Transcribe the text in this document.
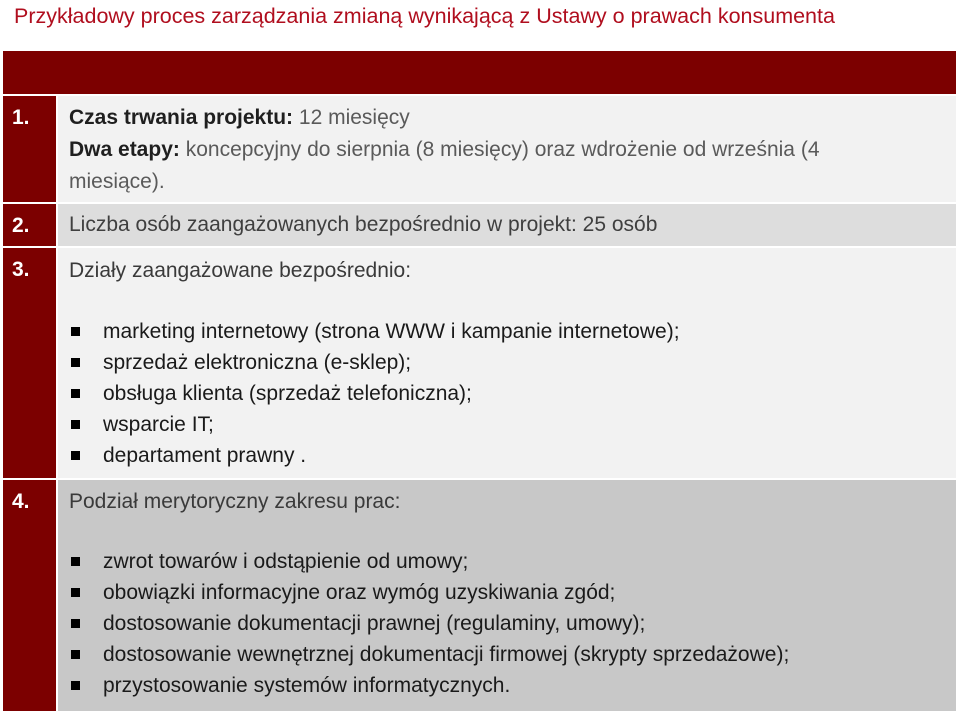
Przykładowy proces zarządzania zmianą wynikającą z Ustawy o prawach konsumenta
1. Czas trwania projektu: 12 miesięcy
Dwa etapy: koncepcyjny do sierpnia (8 miesięcy) oraz wdrożenie od września (4
miesiące).
2. Liczba osób zaangażowanych bezpośrednio w projekt: 25 osób
3. Działy zaangażowane bezpośrednio:
marketing internetowy (strona WWW i kampanie internetowe);
sprzedaż elektroniczna (e-sklep);
obsługa klienta (sprzedaż telefoniczna);
wsparcie IT;
departament prawny .
4. Podział merytoryczny zakresu prac:
zwrot towarów i odstąpienie od umowy;
obowiązki informacyjne oraz wymóg uzyskiwania zgód;
dostosowanie dokumentacji prawnej (regulaminy, umowy);
dostosowanie wewnętrznej dokumentacji firmowej (skrypty sprzedażowe);
przystosowanie systemów informatycznych.
